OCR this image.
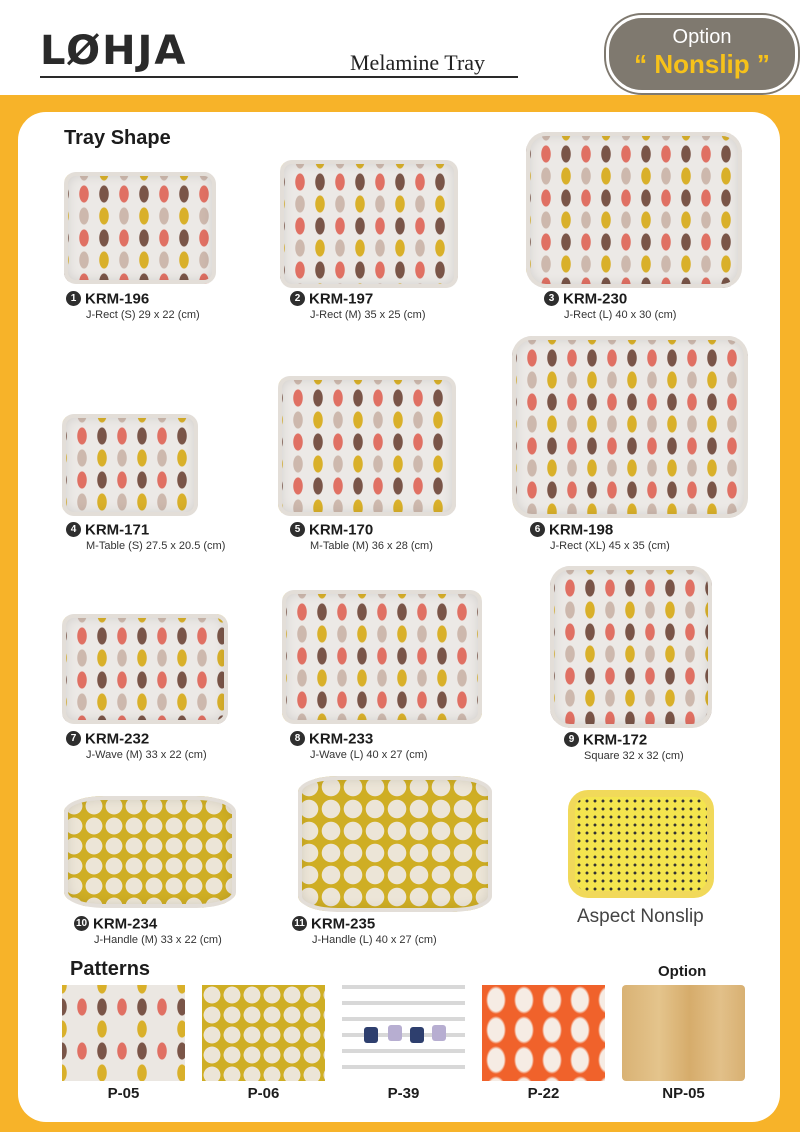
LØHJA	Melamine Tray
Option
“ Nonslip ”
Tray Shape
1 KRM-196
J-Rect (S) 29 x 22 (cm)
2 KRM-197
J-Rect (M) 35 x 25 (cm)
3 KRM-230
J-Rect (L) 40 x 30 (cm)
4 KRM-171
M-Table (S) 27.5 x 20.5 (cm)
5 KRM-170
M-Table (M) 36 x 28 (cm)
6 KRM-198
J-Rect (XL) 45 x 35 (cm)
7 KRM-232
J-Wave (M) 33 x 22 (cm)
8 KRM-233
J-Wave (L) 40 x 27 (cm)
9 KRM-172
Square 32 x 32 (cm)
10 KRM-234
J-Handle (M) 33 x 22 (cm)
11 KRM-235
J-Handle (L) 40 x 27 (cm)
Aspect Nonslip
Patterns	Option
P-05	P-06	P-39	P-22	NP-05
